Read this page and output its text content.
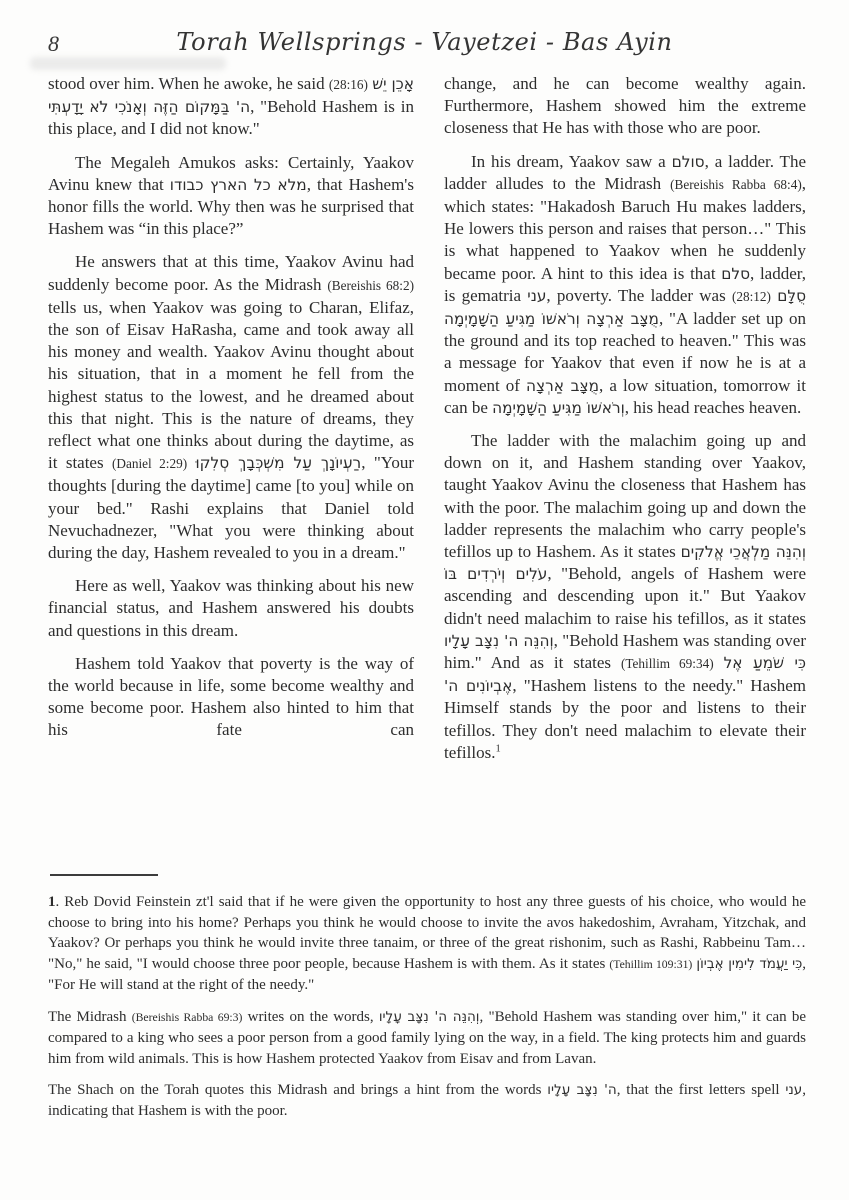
8	Torah Wellsprings - Vayetzei - Bas Ayin

stood over him. When he awoke, he said (28:16) אָכֵן יֵשׁ ה' בַּמָּקוֹם הַזֶּה וְאָנֹכִי לֹא יָדָעְתִּי, "Behold Hashem is in this place, and I did not know."

The Megaleh Amukos asks: Certainly, Yaakov Avinu knew that מלא כל הארץ כבודו, that Hashem's honor fills the world. Why then was he surprised that Hashem was “in this place?”

He answers that at this time, Yaakov Avinu had suddenly become poor. As the Midrash (Bereishis 68:2) tells us, when Yaakov was going to Charan, Elifaz, the son of Eisav HaRasha, came and took away all his money and wealth. Yaakov Avinu thought about his situation, that in a moment he fell from the highest status to the lowest, and he dreamed about this that night. This is the nature of dreams, they reflect what one thinks about during the daytime, as it states (Daniel 2:29) רַעְיוֹנָךְ עַל מִשְׁכְּבָךְ סְלִקוּ, "Your thoughts [during the daytime] came [to you] while on your bed." Rashi explains that Daniel told Nevuchadnezer, "What you were thinking about during the day, Hashem revealed to you in a dream."

Here as well, Yaakov was thinking about his new financial status, and Hashem answered his doubts and questions in this dream.

Hashem told Yaakov that poverty is the way of the world because in life, some become wealthy and some become poor. Hashem also hinted to him that his fate can

change, and he can become wealthy again. Furthermore, Hashem showed him the extreme closeness that He has with those who are poor.

In his dream, Yaakov saw a סולם, a ladder. The ladder alludes to the Midrash (Bereishis Rabba 68:4), which states: "Hakadosh Baruch Hu makes ladders, He lowers this person and raises that person…" This is what happened to Yaakov when he suddenly became poor. A hint to this idea is that סלם, ladder, is gematria עני, poverty. The ladder was (28:12) סֻלָּם מֻצָּב אַרְצָה וְרֹאשׁוֹ מַגִּיעַ הַשָּׁמָיְמָה, "A ladder set up on the ground and its top reached to heaven." This was a message for Yaakov that even if now he is at a moment of מֻצָּב אַרְצָה, a low situation, tomorrow it can be וְרֹאשׁוֹ מַגִּיעַ הַשָּׁמָיְמָה, his head reaches heaven.

The ladder with the malachim going up and down on it, and Hashem standing over Yaakov, taught Yaakov Avinu the closeness that Hashem has with the poor. The malachim going up and down the ladder represents the malachim who carry people's tefillos up to Hashem. As it states וְהִנֵּה מַלְאֲכֵי אֱלֹקִים עֹלִים וְיֹרְדִים בּוֹ, "Behold, angels of Hashem were ascending and descending upon it." But Yaakov didn't need malachim to raise his tefillos, as it states וְהִנֵּה ה' נִצָּב עָלָיו, "Behold Hashem was standing over him." And as it states (Tehillim 69:34) כִּי שֹׁמֵעַ אֶל אֶבְיוֹנִים ה', "Hashem listens to the needy." Hashem Himself stands by the poor and listens to their tefillos. They don't need malachim to elevate their tefillos.$^1$

1. Reb Dovid Feinstein zt'l said that if he were given the opportunity to host any three guests of his choice, who would he choose to bring into his home? Perhaps you think he would choose to invite the avos hakedoshim, Avraham, Yitzchak, and Yaakov? Or perhaps you think he would invite three tanaim, or three of the great rishonim, such as Rashi, Rabbeinu Tam… "No," he said, "I would choose three poor people, because Hashem is with them. As it states (Tehillim 109:31) כִּי יַעֲמֹד לִימִין אֶבְיוֹן, "For He will stand at the right of the needy."

The Midrash (Bereishis Rabba 69:3) writes on the words, וְהִנֵּה ה' נִצָּב עָלָיו, "Behold Hashem was standing over him," it can be compared to a king who sees a poor person from a good family lying on the way, in a field. The king protects him and guards him from wild animals. This is how Hashem protected Yaakov from Eisav and from Lavan.

The Shach on the Torah quotes this Midrash and brings a hint from the words ה' נִצָּב עָלָיו, that the first letters spell עני, indicating that Hashem is with the poor.
